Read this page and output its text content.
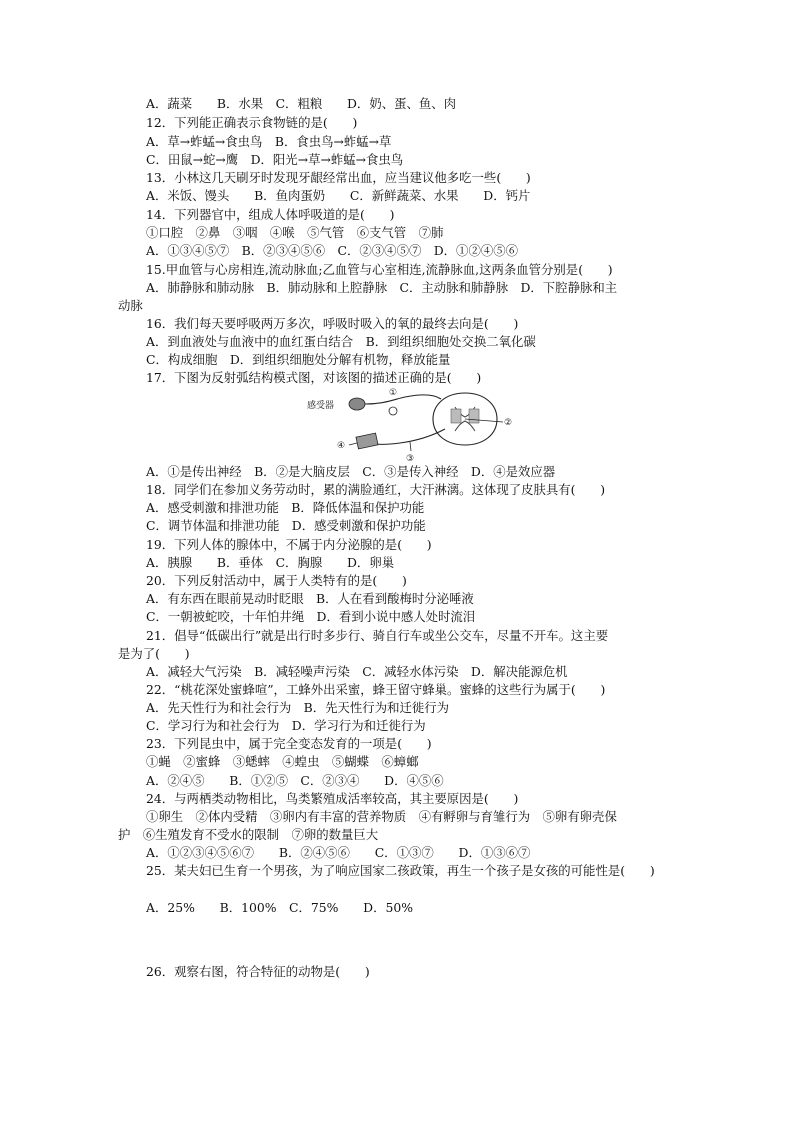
A．蔬菜　　B．水果　C．粗粮　　D．奶、蛋、鱼、肉
12．下列能正确表示食物链的是(　　)
A．草→蚱蜢→食虫鸟　B．食虫鸟→蚱蜢→草
C．田鼠→蛇→鹰　D．阳光→草→蚱蜢→食虫鸟
13．小林这几天刷牙时发现牙龈经常出血，应当建议他多吃一些(　　)
A．米饭、馒头　　B．鱼肉蛋奶　　C．新鲜蔬菜、水果　　D．钙片
14．下列器官中，组成人体呼吸道的是(　　)
①口腔　②鼻　③咽　④喉　⑤气管　⑥支气管　⑦肺
A．①③④⑤⑦　B．②③④⑤⑥　C．②③④⑤⑦　D．①②④⑤⑥
15.甲血管与心房相连,流动脉血;乙血管与心室相连,流静脉血,这两条血管分别是(　　)
A．肺静脉和肺动脉　B．肺动脉和上腔静脉　C．主动脉和肺静脉　D．下腔静脉和主
动脉
16．我们每天要呼吸两万多次，呼吸时吸入的氧的最终去向是(　　)
A．到血液处与血液中的血红蛋白结合　B．到组织细胞处交换二氧化碳
C．构成细胞　D．到组织细胞处分解有机物，释放能量
17．下图为反射弧结构模式图，对该图的描述正确的是(　　)
感受器
①
②
③
④
A．①是传出神经　B．②是大脑皮层　C．③是传入神经　D．④是效应器
18．同学们在参加义务劳动时，累的满脸通红，大汗淋漓。这体现了皮肤具有(　　)
A．感受刺激和排泄功能　B．降低体温和保护功能
C．调节体温和排泄功能　D．感受刺激和保护功能
19．下列人体的腺体中，不属于内分泌腺的是(　　)
A．胰腺　　B．垂体　C．胸腺　　D．卵巢
20．下列反射活动中，属于人类特有的是(　　)
A．有东西在眼前晃动时眨眼　B．人在看到酸梅时分泌唾液
C．一朝被蛇咬，十年怕井绳　D．看到小说中感人处时流泪
21．倡导“低碳出行”就是出行时多步行、骑自行车或坐公交车，尽量不开车。这主要
是为了(　　)
A．减轻大气污染　B．减轻噪声污染　C．减轻水体污染　D．解决能源危机
22．“桃花深处蜜蜂喧”，工蜂外出采蜜，蜂王留守蜂巢。蜜蜂的这些行为属于(　　)
A．先天性行为和社会行为　B．先天性行为和迁徙行为
C．学习行为和社会行为　D．学习行为和迁徙行为
23．下列昆虫中，属于完全变态发育的一项是(　　)
①蝇　②蜜蜂　③蟋蟀　④蝗虫　⑤蝴蝶　⑥蟑螂
A．②④⑤　　B．①②⑤　C．②③④　　D．④⑤⑥
24．与两栖类动物相比，鸟类繁殖成活率较高，其主要原因是(　　)
①卵生　②体内受精　③卵内有丰富的营养物质　④有孵卵与育雏行为　⑤卵有卵壳保
护　⑥生殖发育不受水的限制　⑦卵的数量巨大
A．①②③④⑤⑥⑦　　B．②④⑤⑥　　C．①③⑦　　D．①③⑥⑦
25．某夫妇已生育一个男孩，为了响应国家二孩政策，再生一个孩子是女孩的可能性是(　　)
A．25%　　B．100%　C．75%　　D．50%
26．观察右图，符合特征的动物是(　　)
